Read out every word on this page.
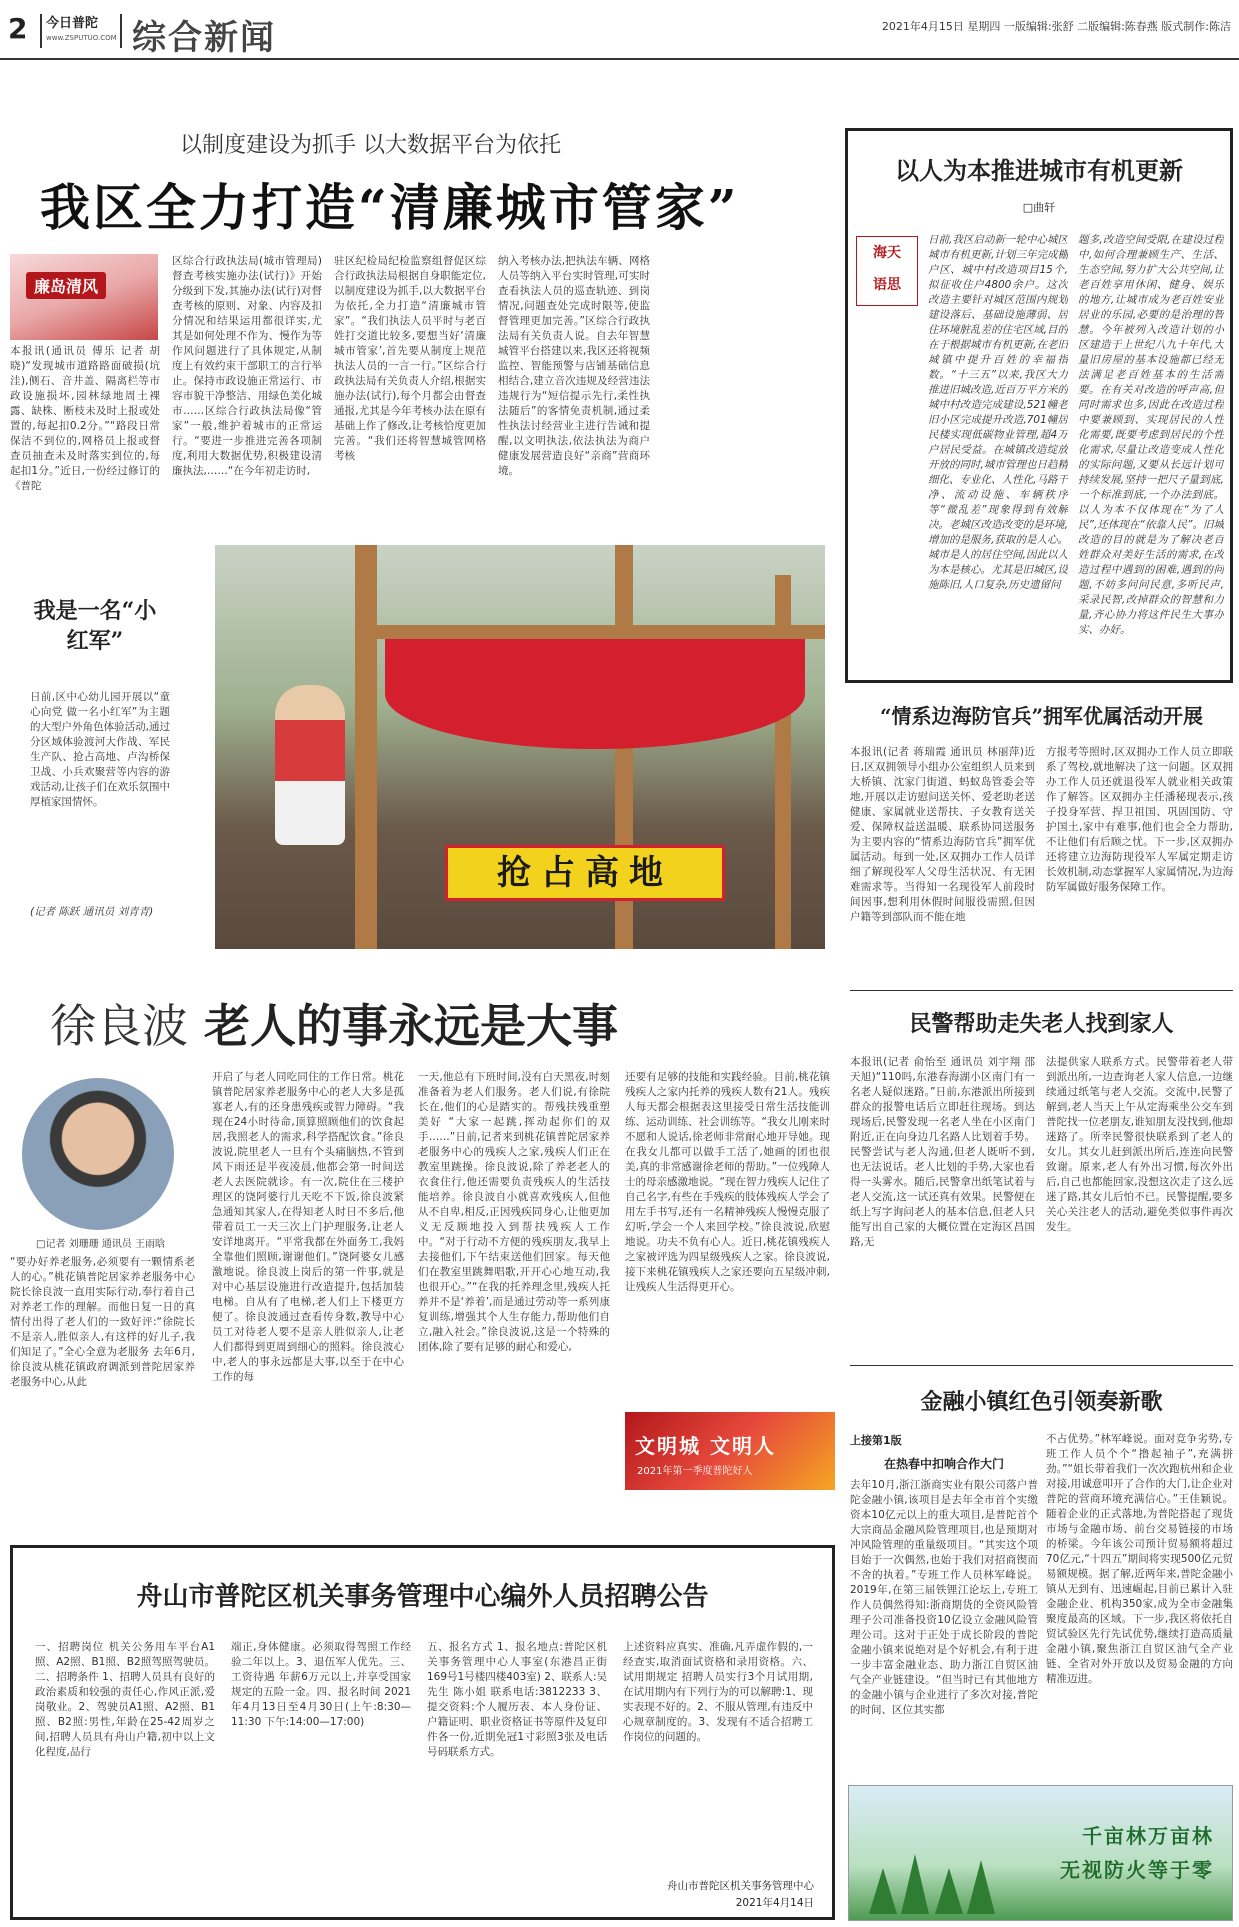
2 今日普陀
www.ZSPUTUO.COM 综合新闻	2021年4月15日 星期四 一版编辑:张舒 二版编辑:陈春燕 版式制作:陈洁
以制度建设为抓手 以大数据平台为依托
我区全力打造“清廉城市管家”
廉岛清风
本报讯(通讯员 傅乐 记者 胡晓)“发现城市道路路面破损(坑洼),侧石、音井盖、隔离栏等市政设施损坏,园林绿地周土裸露、缺株、断枝未及时上报或处置的,每起扣0.2分。”“路段日常保洁不到位的,网格员上报或督查员抽查未及时落实到位的,每起扣1分。”近日,一份经过修订的《普陀
区综合行政执法局(城市管理局)督查考核实施办法(试行)》开始分级到下发,其施办法(试行)对督查考核的原则、对象、内容及扣分情况和结果运用都很详实,尤其是如何处理不作为、慢作为等作风问题进行了具体规定,从制度上有效约束干部职工的言行举止。保持市政设施正常运行、市容市貌干净整洁、用绿色美化城市……区综合行政执法局像“管家”一般,维护着城市的正常运行。“要进一步推进完善各项制度,利用大数据优势,积极建设清廉执法,……“在今年初走访时,
驻区纪检局纪检监察组督促区综合行政执法局根据自身职能定位,以制度建设为抓手,以大数据平台为依托,全力打造“清廉城市管家”。“我们执法人员平时与老百姓打交道比较多,要想当好‘清廉城市管家’,首先要从制度上规范执法人员的一言一行。”区综合行政执法局有关负责人介绍,根据实施办法(试行),每个月都会由督查通报,尤其是今年考核办法在原有基础上作了修改,让考核恰度更加完善。“我们还将智慧城管网格考核
纳入考核办法,把执法车辆、网格人员等纳入平台实时管理,可实时查看执法人员的巡查轨迹、到岗情况,问题查处完成时限等,使监督管理更加完善。”区综合行政执法局有关负责人说。自去年智慧城管平台搭建以来,我区还将视频监控、智能预警与店铺基础信息相结合,建立音次违规及经营违法违规行为“短信提示先行,柔性执法随后”的客情免责机制,通过柔性执法讨经营业主进行告诫和提醒,以文明执法,依法执法为商户健康发展营造良好“亲商”营商环境。
以人为本推进城市有机更新
□曲轩
海天
语思
日前,我区启动新一轮中心城区城市有机更新,计划三年完成棚户区、城中村改造项目15个,拟征收住户4800余户。这次改造主要针对城区范围内规划建设落后、基础设施薄弱、居住环境脏乱差的住宅区域,目的在于根据城市有机更新,在老旧城镇中提升百姓的幸福指数。“十三五”以来,我区大力推进旧城改造,近百万平方米的城中村改造完成建设,521幢老旧小区完成提升改造,701幢居民楼实现低碳物业管理,超4万户居民受益。在城镇改造绽放开放的同时,城市管理也日趋精细化、专业化、人性化,马路干净、流动设施、车辆秩序等“微乱差”现象得到有效解决。老城区改造改变的是环境,增加的是服务,获取的是人心。城市是人的居住空间,因此以人为本是核心。尤其是旧城区,设施陈旧,人口复杂,历史遗留问
题多,改造空间受限,在建设过程中,如何合理兼顾生产、生活、生态空间,努力扩大公共空间,让老百姓享用休闲、健身、娱乐的地方,让城市成为老百姓安业居业的乐园,必要的是治理的智慧。今年被列入改造计划的小区建造于上世纪八九十年代,大量旧房屋的基本设施都已经无法满足老百姓基本的生活需要。在有关对改造的呼声高,但同时需求也多,因此在改造过程中要兼顾到、实现居民的人性化需要,既要考虑到居民的个性化需求,尽量让改造变成人性化的实际问题,又要从长远计划可持续发展,坚持一把尺子量到底,一个标准到底,一个办法到底。以人为本不仅体现在“为了人民”,还体现在“依靠人民”。旧城改造的目的就是为了解决老百姓群众对美好生活的需求,在改造过程中遇到的困难,遇到的问题,不妨多问问民意,多听民声,采录民智,改掉群众的智慧和力量,齐心协力将这件民生大事办实、办好。
“情系边海防官兵”拥军优属活动开展
本报讯(记者 蒋瑞霞 通讯员 林丽萍)近日,区双拥领导小组办公室组织人员来到大桥镇、沈家门街道、蚂蚁岛管委会等地,开展以走访慰问送关怀、爱老助老送健康、家属就业送帮扶、子女教育送关爱、保障权益送温暖、联系协同送服务为主要内容的“情系边海防官兵”拥军优属活动。每到一处,区双拥办工作人员详细了解现役军人父母生活状况、有无困难需求等。当得知一名现役军人前段时间因事,想利用休假时间服役需照,但因户籍等到部队而不能在地
方报考等照时,区双拥办工作人员立即联系了驾校,就地解决了这一问题。区双拥办工作人员还就退役军人就业相关政策作了解答。区双拥办主任潘秘现表示,孩子投身军营、捍卫祖国、巩固国防、守护国土,家中有难事,他们也会全力帮助,不让他们有后顾之忧。下一步,区双拥办还将建立边海防现役军人军属定期走访长效机制,动态掌握军人家属情况,为边海防军属做好服务保障工作。
我是一名“小红军”
日前,区中心幼儿园开展以“童心向党 做一名小红军”为主题的大型户外角色体验活动,通过分区域体验渡河大作战、军民生产队、抢占高地、卢沟桥保卫战、小兵欢聚营等内容的游戏活动,让孩子们在欢乐氛围中厚植家国情怀。
(记者 陈跃 通讯员 刘青青)
抢占高地
徐良波 老人的事永远是大事
□记者 刘珊珊 通讯员 王雨晗
“要办好养老服务,必须要有一颗情系老人的心。”桃花镇普陀居家养老服务中心院长徐良波一直用实际行动,奉行着自己对养老工作的理解。而他日复一日的真情付出得了老人们的一致好评:“徐院长不是亲人,胜似亲人,有这样的好儿子,我们知足了。”全心全意为老服务 去年6月,徐良波从桃花镇政府调派到普陀居家养老服务中心,从此
开启了与老人同吃同住的工作日常。桃花镇普陀居家养老服务中心的老人大多是孤寡老人,有的还身患残疾或智力障碍。“我现在24小时待命,顶算照顾他们的饮食起居,我照老人的需求,科学搭配饮食。”徐良波说,院里老人一旦有个头痛脑热,不管到风下雨还是半夜凌晨,他都会第一时间送老人去医院就诊。有一次,院住在三楼护理区的饶阿婆行儿天吃不下饭,徐良波紧急通知其家人,在得知老人时日不多后,他带着员工一天三次上门护理服务,让老人安详地离开。“平常我都在外面务工,我妈全靠他们照顾,谢谢他们。”饶阿婆女儿感激地说。徐良波上岗后的第一件事,就是对中心基层设施进行改造提升,包括加装电梯。自从有了电梯,老人们上下楼更方便了。徐良波通过查看传身数,教导中心员工对待老人要不是亲人胜似亲人,让老人们都得到更周到细心的照料。徐良波心中,老人的事永远都是大事,以至于在中心工作的每
一天,他总有下班时间,没有白天黑夜,时刻准备着为老人们服务。老人们说,有徐院长在,他们的心是踏实的。帮残扶残重塑美好 “大家一起跳,挥动起你们的双手……”日前,记者来到桃花镇普陀居家养老服务中心的残疾人之家,残疾人们正在教室里跳操。徐良波说,除了养老老人的衣食住行,他还需要负责残疾人的生活技能培养。徐良波自小就喜欢残疾人,但他从不自卑,相反,正因残疾同身心,让他更加义无反顾地投入到帮扶残疾人工作中。“对于行动不方便的残疾朋友,我早上去接他们,下午结束送他们回家。每天他们在教室里跳舞唱歌,开开心心地互动,我也很开心。”“在我的托养理念里,残疾人托养并不是‘养着’,而是通过劳动等一系列康复训练,增强其个人生存能力,帮助他们自立,融入社会。”徐良波说,这是一个特殊的团体,除了要有足够的耐心和爱心,
还要有足够的技能和实践经验。目前,桃花镇残疾人之家内托养的残疾人数有21人。残疾人每天都会根据表这里接受日常生活技能训练、运动训练、社会训练等。“我女儿刚来时不愿和人说话,徐老师非常耐心地开导她。现在我女儿都可以做手工活了,她画的团也很美,真的非常感谢徐老师的帮助。”一位残障人士的母亲感激地说。“现在智力残疾人记住了自己名字,有些在手残疾的肢体残疾人学会了用左手书写,还有一名精神残疾人慢慢克服了幻听,学会一个人来回学校。”徐良波说,欣慰地说。功夫不负有心人。近日,桃花镇残疾人之家被评选为四星级残疾人之家。徐良波说,接下来桃花镇残疾人之家还要向五星级冲刺,让残疾人生活得更开心。
文明城 文明人
2021年第一季度普陀好人
民警帮助走失老人找到家人
本报讯(记者 俞怡至 通讯员 刘宇翔 邵天旭)“110吗,东港春海湖小区南门有一名老人疑似迷路。”日前,东港派出所接到群众的报警电话后立即赶往现场。到达现场后,民警发现一名老人坐在小区南门附近,正在向身边几名路人比划着手势。民警尝试与老人沟通,但老人既听不到,也无法说话。老人比划的手势,大家也看得一头雾水。随后,民警拿出纸笔试着与老人交流,这一试还真有效果。民警便在纸上写字询问老人的基本信息,但老人只能写出自己家的大概位置在定海区昌国路,无
法提供家人联系方式。民警带着老人带到派出所,一边查询老人家人信息,一边继续通过纸笔与老人交流。交流中,民警了解到,老人当天上午从定海乘坐公交车到普陀找一位老朋友,谁知朋友没找到,他却迷路了。所幸民警很快联系到了老人的女儿。其女儿赶到派出所后,连连向民警致谢。原来,老人有外出习惯,每次外出后,自己也都能回家,没想这次走了这么远迷了路,其女儿后怕不已。民警提醒,要多关心关注老人的活动,避免类似事件再次发生。
金融小镇红色引领奏新歌
上接第1版
在热春中扣响合作大门
去年10月,浙江浙商实业有限公司落户普陀金融小镇,该项目是去年全市首个实缴资本10亿元以上的重大项目,是普陀首个大宗商品金融风险管理项目,也是预期对冲风险管理的重量级项目。“其实这个项目始于一次偶然,也始于我们对招商锲而不舍的执着。”专班工作人员林军峰说。2019年,在第三届铁锂江论坛上,专班工作人员偶然得知:浙商期货的全资风险管理子公司准备投资10亿设立金融风险管理公司。这对于正处于成长阶段的普陀金融小镇来说绝对是个好机会,有利于进一步丰富金融业态、助力浙江自贸区油气全产业链建设。“但当时已有其他地方的金融小镇与企业进行了多次对接,普陀的时间、区位其实都
不占优势。”林军峰说。面对竞争劣势,专班工作人员个个“撸起袖子”,充满拼劲。”“姐长带着我们一次次跑杭州和企业对接,用诚意叩开了合作的大门,让企业对普陀的营商环境充满信心。”王佳颖说。随着企业的正式落地,为普陀搭起了现货市场与金融市场、前台交易链接的市场的桥梁。今年该公司预计贸易额将超过70亿元,“十四五”期间将实现500亿元贸易额规模。据了解,近两年来,普陀金融小镇从无到有、迅速崛起,目前已累计入驻金融企业、机构350家,成为全市金融集聚度最高的区域。下一步,我区将依托自贸试验区先行先试优势,继续打造高质量金融小镇,聚焦浙江自贸区油气全产业链、全省对外开放以及贸易金融的方向精准迈进。
千亩林万亩林
无视防火等于零
舟山市普陀区机关事务管理中心编外人员招聘公告
一、招聘岗位 机关公务用车平台A1照、A2照、B1照、B2照驾照驾驶员。二、招聘条件 1、招聘人员具有良好的政治素质和较强的责任心,作风正派,爱岗敬业。2、驾驶员A1照、A2照、B1照、B2照:男性,年龄在25-42周岁之间,招聘人员具有舟山户籍,初中以上文化程度,品行
端正,身体健康。必须取得驾照工作经验二年以上。3、退伍军人优先。三、工资待遇 年薪6万元以上,并享受国家规定的五险一金。四、报名时间 2021年4月13日至4月30日(上午:8:30—11:30 下午:14:00—17:00)
五、报名方式 1、报名地点:普陀区机关事务管理中心人事室(东港昌正街169号1号楼四楼403室) 2、联系人:吴先生 陈小姐 联系电话:3812233 3、提交资料:个人履历表、本人身份证、户籍证明、职业资格证书等原件及复印件各一份,近期免冠1寸彩照3张及电话号码联系方式。
上述资料应真实、准确,凡弄虚作假的,一经查实,取消面试资格和录用资格。六、试用期规定 招聘人员实行3个月试用期,在试用期内有下列行为的可以解聘:1、现实表现不好的。2、不服从管理,有违反中心规章制度的。3、发现有不适合招聘工作岗位的问题的。
舟山市普陀区机关事务管理中心
2021年4月14日
